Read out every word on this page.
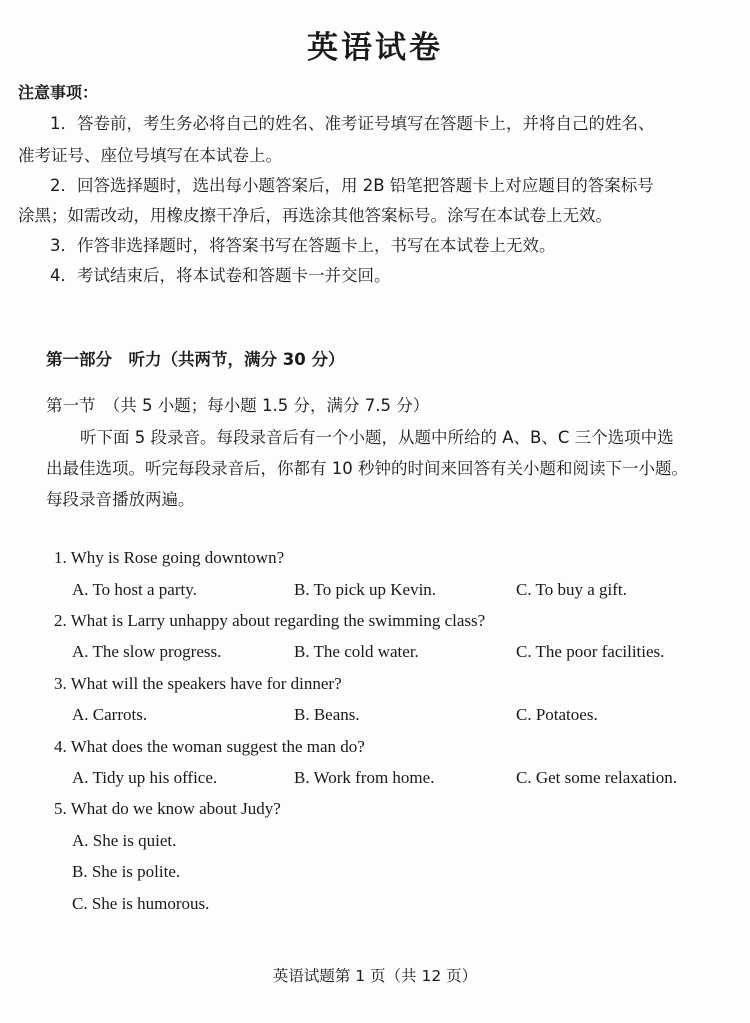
英语试卷
注意事项：
1．答卷前，考生务必将自己的姓名、准考证号填写在答题卡上，并将自己的姓名、
准考证号、座位号填写在本试卷上。
2．回答选择题时，选出每小题答案后，用 2B 铅笔把答题卡上对应题目的答案标号
涂黑；如需改动，用橡皮擦干净后，再选涂其他答案标号。涂写在本试卷上无效。
3．作答非选择题时，将答案书写在答题卡上，书写在本试卷上无效。
4．考试结束后，将本试卷和答题卡一并交回。
第一部分　听力（共两节，满分 30 分）
第一节　（共 5 小题；每小题 1.5 分，满分 7.5 分）
听下面 5 段录音。每段录音后有一个小题，从题中所给的 A、B、C 三个选项中选
出最佳选项。听完每段录音后，你都有 10 秒钟的时间来回答有关小题和阅读下一小题。
每段录音播放两遍。
1. Why is Rose going downtown?
A. To host a party.	B. To pick up Kevin.	C. To buy a gift.
2. What is Larry unhappy about regarding the swimming class?
A. The slow progress.	B. The cold water.	C. The poor facilities.
3. What will the speakers have for dinner?
A. Carrots.	B. Beans.	C. Potatoes.
4. What does the woman suggest the man do?
A. Tidy up his office.	B. Work from home.	C. Get some relaxation.
5. What do we know about Judy?
A. She is quiet.
B. She is polite.
C. She is humorous.
英语试题第 1 页（共 12 页）
